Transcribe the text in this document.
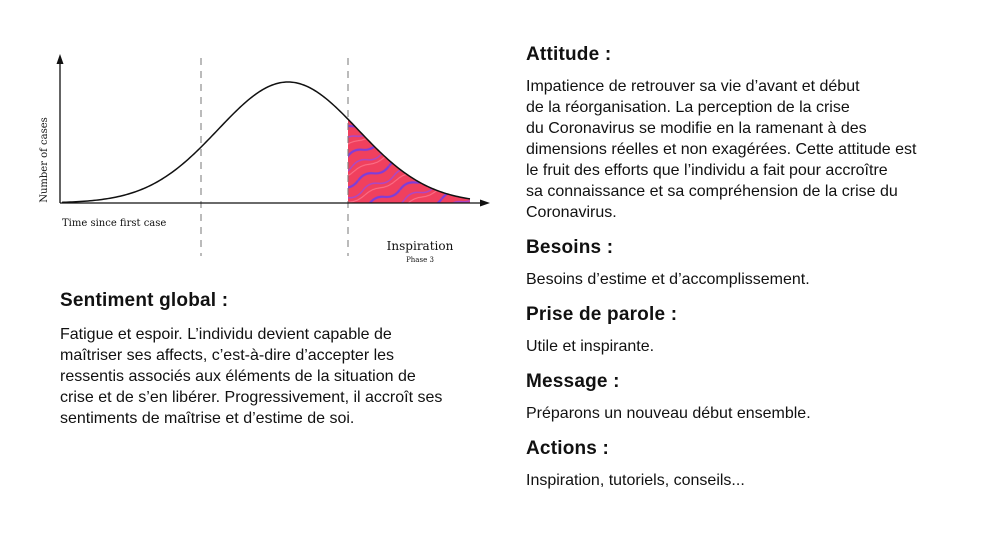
Number of cases
Time since first case
Inspiration
Phase 3
Sentiment global :
Fatigue et espoir. L’individu devient capable de
maîtriser ses affects, c’est-à-dire d’accepter les
ressentis associés aux éléments de la situation de
crise et de s’en libérer. Progressivement, il accroît ses
sentiments de maîtrise et d’estime de soi.
Attitude :
Impatience de retrouver sa vie d’avant et début
de la réorganisation. La perception de la crise
du Coronavirus se modifie en la ramenant à des
dimensions réelles et non exagérées. Cette attitude est
le fruit des efforts que l’individu a fait pour accroître
sa connaissance et sa compréhension de la crise du
Coronavirus.
Besoins :
Besoins d’estime et d’accomplissement.
Prise de parole :
Utile et inspirante.
Message :
Préparons un nouveau début ensemble.
Actions :
Inspiration, tutoriels, conseils...
